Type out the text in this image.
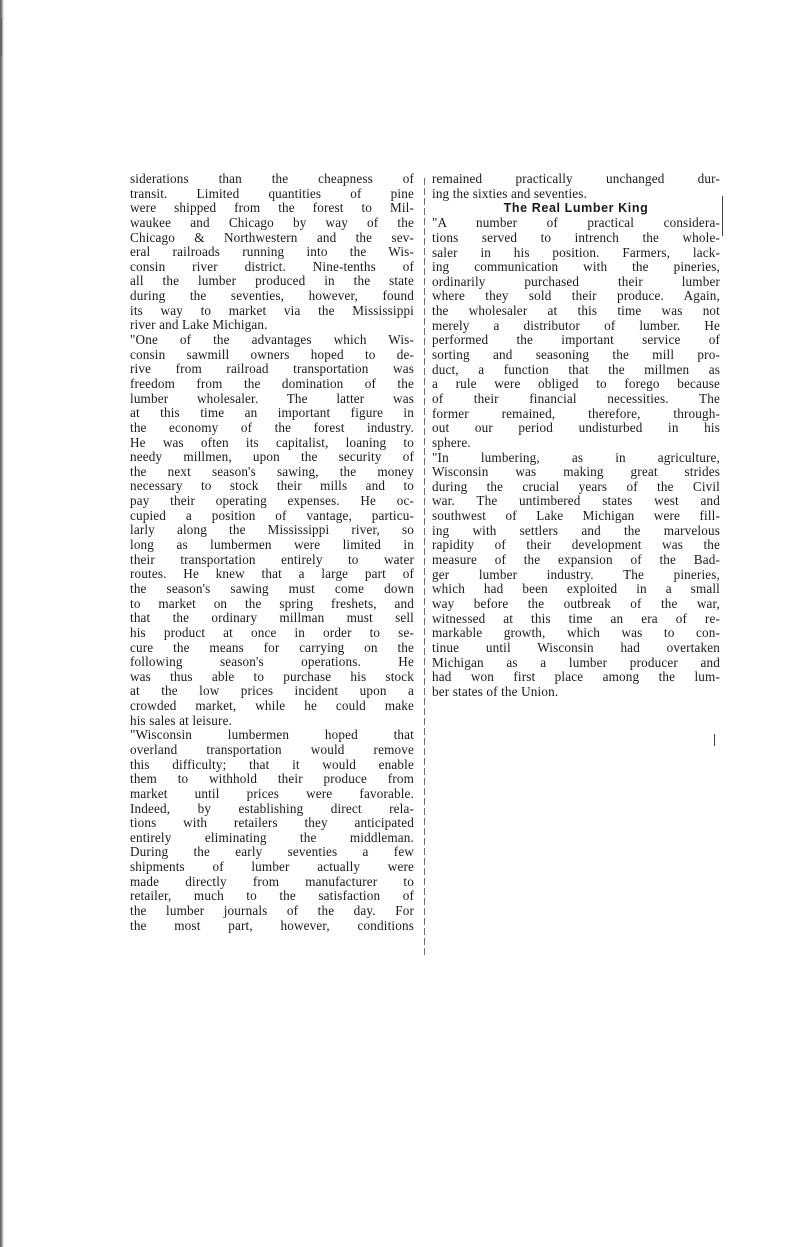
siderations than the cheapness of
transit. Limited quantities of pine
were shipped from the forest to Mil-
waukee and Chicago by way of the
Chicago & Northwestern and the sev-
eral railroads running into the Wis-
consin river district. Nine-tenths of
all the lumber produced in the state
during the seventies, however, found
its way to market via the Mississippi
river and Lake Michigan.
"One of the advantages which Wis-
consin sawmill owners hoped to de-
rive from railroad transportation was
freedom from the domination of the
lumber wholesaler. The latter was
at this time an important figure in
the economy of the forest industry.
He was often its capitalist, loaning to
needy millmen, upon the security of
the next season's sawing, the money
necessary to stock their mills and to
pay their operating expenses. He oc-
cupied a position of vantage, particu-
larly along the Mississippi river, so
long as lumbermen were limited in
their transportation entirely to water
routes. He knew that a large part of
the season's sawing must come down
to market on the spring freshets, and
that the ordinary millman must sell
his product at once in order to se-
cure the means for carrying on the
following season's operations. He
was thus able to purchase his stock
at the low prices incident upon a
crowded market, while he could make
his sales at leisure.
"Wisconsin lumbermen hoped that
overland transportation would remove
this difficulty; that it would enable
them to withhold their produce from
market until prices were favorable.
Indeed, by establishing direct rela-
tions with retailers they anticipated
entirely eliminating the middleman.
During the early seventies a few
shipments of lumber actually were
made directly from manufacturer to
retailer, much to the satisfaction of
the lumber journals of the day. For
the most part, however, conditions
remained practically unchanged dur-
ing the sixties and seventies.
The Real Lumber King
"A number of practical considera-
tions served to intrench the whole-
saler in his position. Farmers, lack-
ing communication with the pineries,
ordinarily purchased their lumber
where they sold their produce. Again,
the wholesaler at this time was not
merely a distributor of lumber. He
performed the important service of
sorting and seasoning the mill pro-
duct, a function that the millmen as
a rule were obliged to forego because
of their financial necessities. The
former remained, therefore, through-
out our period undisturbed in his
sphere.
"In lumbering, as in agriculture,
Wisconsin was making great strides
during the crucial years of the Civil
war. The untimbered states west and
southwest of Lake Michigan were fill-
ing with settlers and the marvelous
rapidity of their development was the
measure of the expansion of the Bad-
ger lumber industry. The pineries,
which had been exploited in a small
way before the outbreak of the war,
witnessed at this time an era of re-
markable growth, which was to con-
tinue until Wisconsin had overtaken
Michigan as a lumber producer and
had won first place among the lum-
ber states of the Union.
